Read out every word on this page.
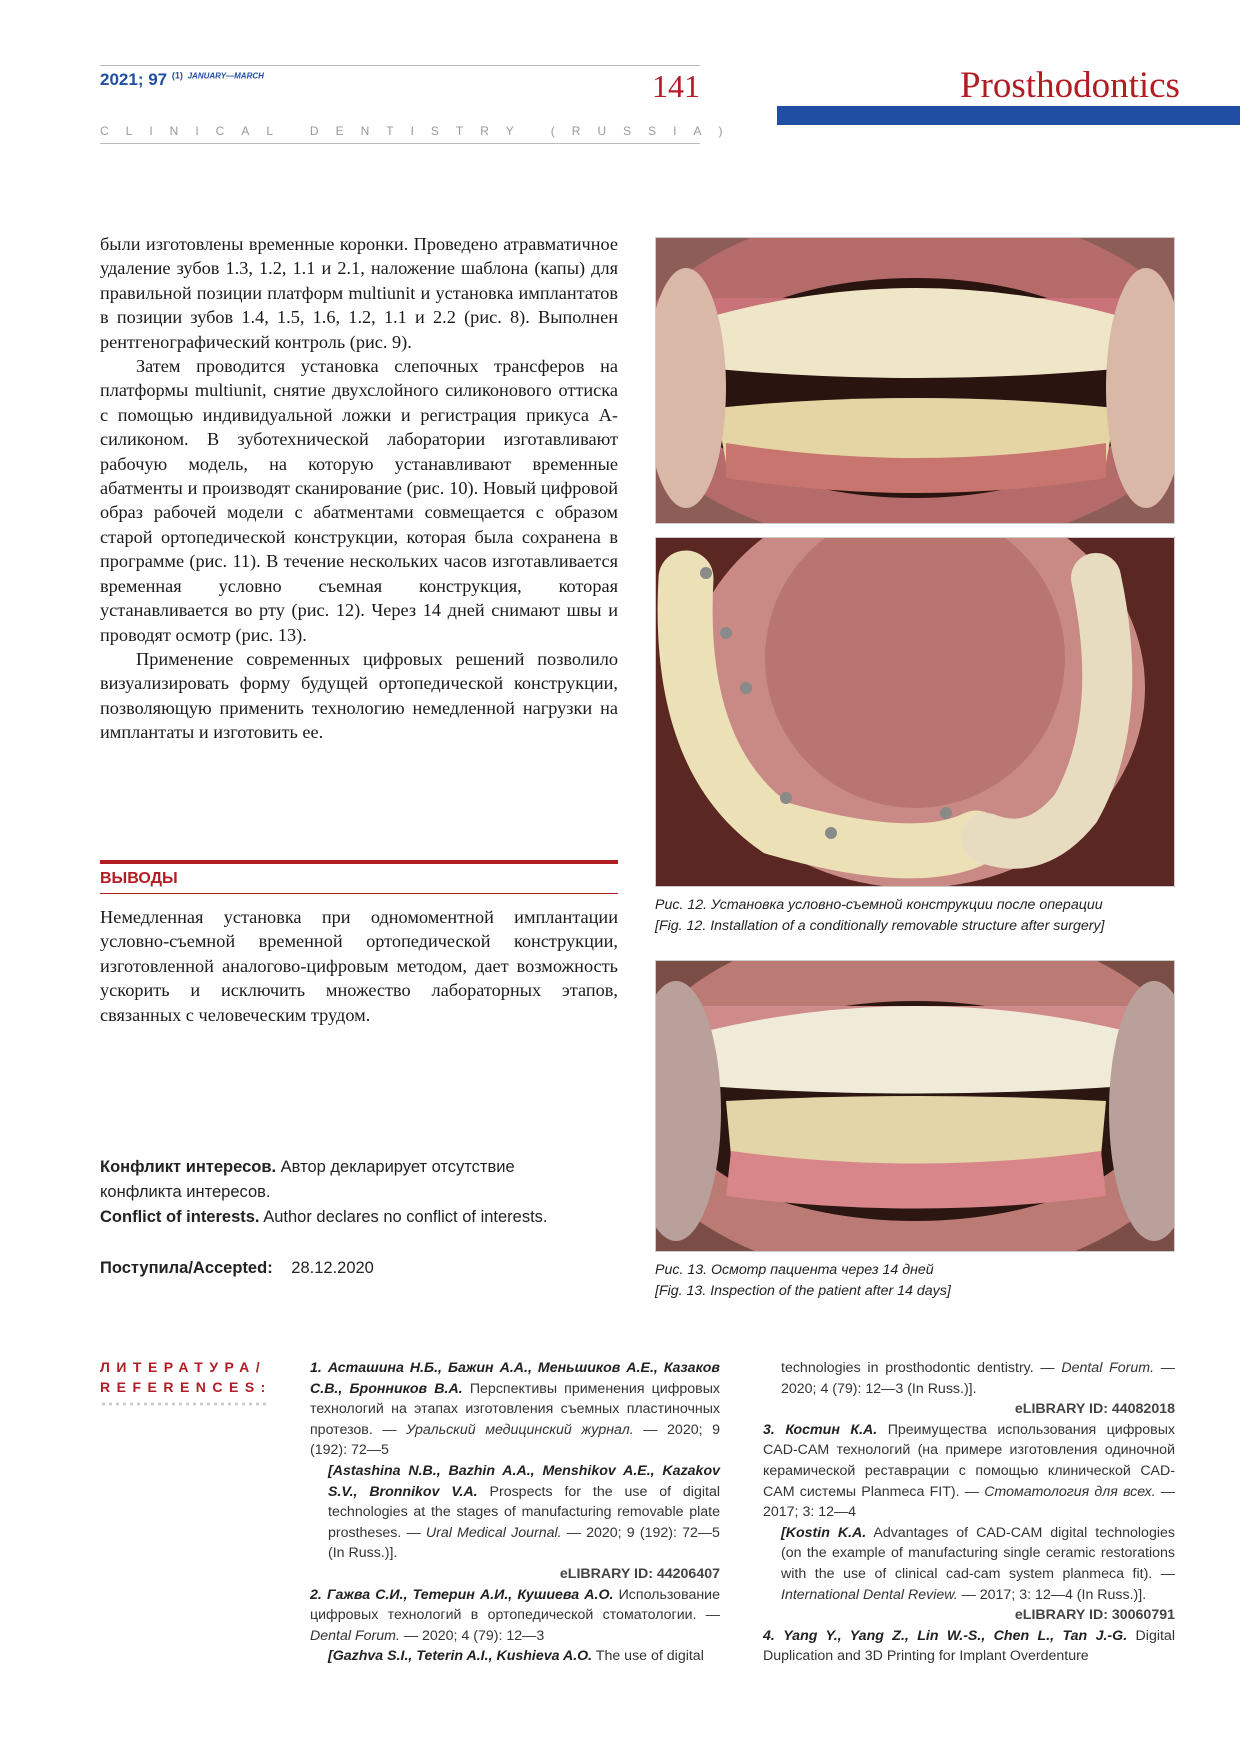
2021; 97 $^{(1)}$ $^{JANUARY—MARCH}$	141
CLINICAL DENTISTRY (RUSSIA)
Prosthodontics

были изготовлены временные коронки. Проведено атравматичное удаление зубов 1.3, 1.2, 1.1 и 2.1, наложение шаблона (капы) для правильной позиции платформ multiunit и установка имплантатов в позиции зубов 1.4, 1.5, 1.6, 1.2, 1.1 и 2.2 (рис. 8). Выполнен рентгенографический контроль (рис. 9).

Затем проводится установка слепочных трансферов на платформы multiunit, снятие двухслойного силиконового оттиска с помощью индивидуальной ложки и регистрация прикуса А-силиконом. В зуботехнической лаборатории изготавливают рабочую модель, на которую устанавливают временные абатменты и производят сканирование (рис. 10). Новый цифровой образ рабочей модели с абатментами совмещается с образом старой ортопедической конструкции, которая была сохранена в программе (рис. 11). В течение нескольких часов изготавливается временная условно съемная конструкция, которая устанавливается во рту (рис. 12). Через 14 дней снимают швы и проводят осмотр (рис. 13).

Применение современных цифровых решений позволило визуализировать форму будущей ортопедической конструкции, позволяющую применить технологию немедленной нагрузки на имплантаты и изготовить ее.

ВЫВОДЫ
Немедленная установка при одномоментной имплантации условно-съемной временной ортопедической конструкции, изготовленной аналогово-цифровым методом, дает возможность ускорить и исключить множество лабораторных этапов, связанных с человеческим трудом.
Конфликт интересов. Автор декларирует отсутствие конфликта интересов.
Conflict of interests. Author declares no conflict of interests.
Поступила/Accepted: 28.12.2020
Рис. 12. Установка условно-съемной конструкции после операции
[Fig. 12. Installation of a conditionally removable structure after surgery]
Рис. 13. Осмотр пациента через 14 дней
[Fig. 13. Inspection of the patient after 14 days]
ЛИТЕРАТУРА/
REFERENCES:
1. Асташина Н.Б., Бажин А.А., Меньшиков А.Е., Казаков С.В., Бронников В.А. Перспективы применения цифровых технологий на этапах изготовления съемных пластиночных протезов. — Уральский медицинский журнал. — 2020; 9 (192): 72—5
[Astashina N.B., Bazhin A.A., Menshikov A.E., Kazakov S.V., Bronnikov V.A. Prospects for the use of digital technologies at the stages of manufacturing removable plate prostheses. — Ural Medical Journal. — 2020; 9 (192): 72—5 (In Russ.)].
eLIBRARY ID: 44206407
2. Гажва С.И., Тетерин А.И., Кушиева А.О. Использование цифровых технологий в ортопедической стоматологии. — Dental Forum. — 2020; 4 (79): 12—3
[Gazhva S.I., Teterin A.I., Kushieva A.O. The use of digital
technologies in prosthodontic dentistry. — Dental Forum. — 2020; 4 (79): 12—3 (In Russ.)].
eLIBRARY ID: 44082018
3. Костин К.А. Преимущества использования цифровых CAD-CAM технологий (на примере изготовления одиночной керамической реставрации с помощью клинической CAD-CAM системы Planmeca FIT). — Стоматология для всех. — 2017; 3: 12—4
[Kostin K.A. Advantages of CAD-CAM digital technologies (on the example of manufacturing single ceramic restorations with the use of clinical cad-cam system planmeca fit). — International Dental Review. — 2017; 3: 12—4 (In Russ.)].
eLIBRARY ID: 30060791
4. Yang Y., Yang Z., Lin W.-S., Chen L., Tan J.-G. Digital Duplication and 3D Printing for Implant Overdenture
